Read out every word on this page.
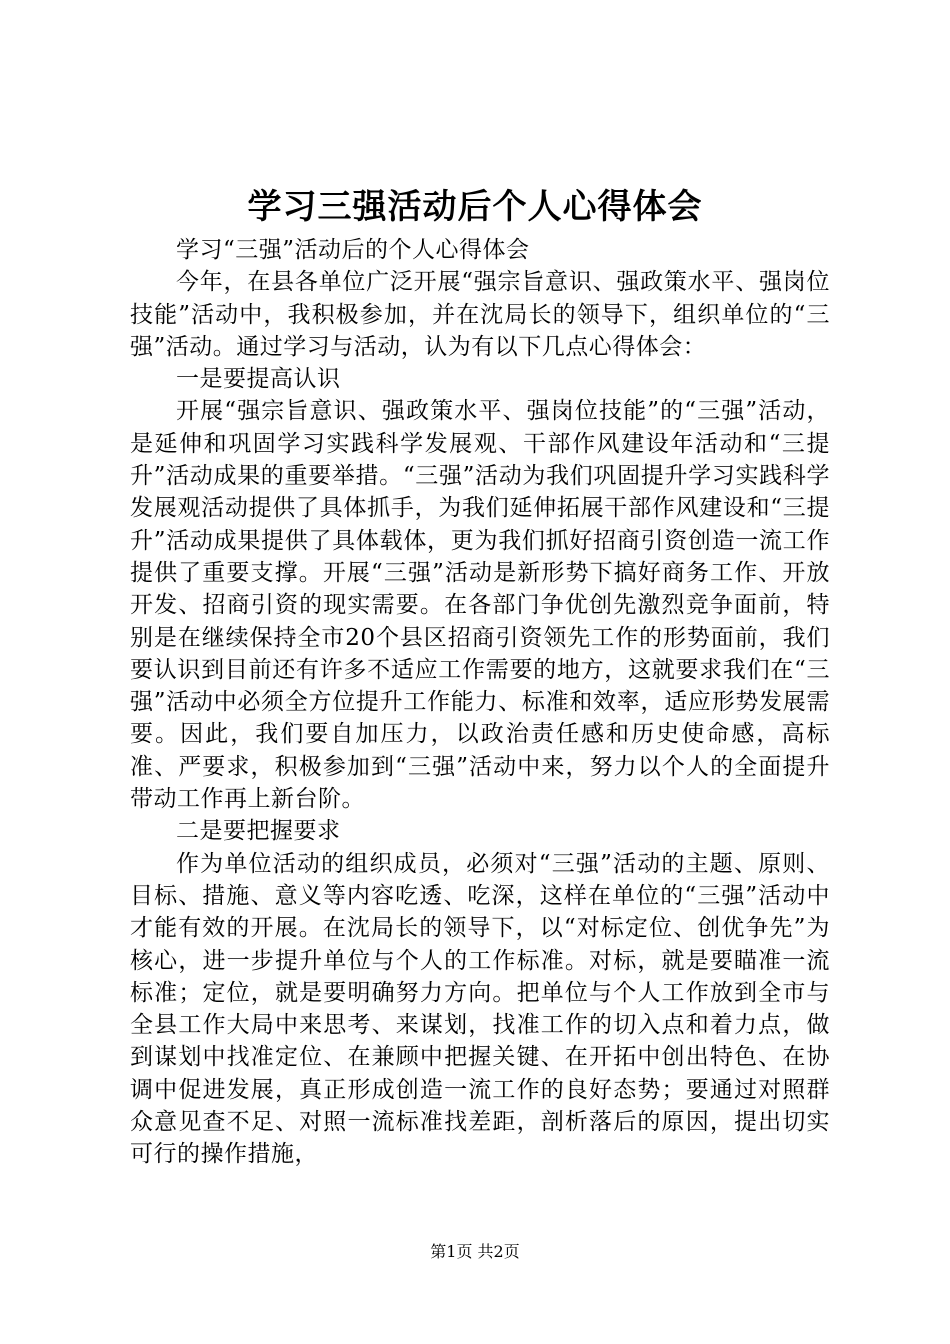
学习三强活动后个人心得体会

学习“三强”活动后的个人心得体会

今年，在县各单位广泛开展“强宗旨意识、强政策水平、强岗位技能”活动中，我积极参加，并在沈局长的领导下，组织单位的“三强”活动。通过学习与活动，认为有以下几点心得体会：

一是要提高认识

开展“强宗旨意识、强政策水平、强岗位技能”的“三强”活动，是延伸和巩固学习实践科学发展观、干部作风建设年活动和“三提升”活动成果的重要举措。“三强”活动为我们巩固提升学习实践科学发展观活动提供了具体抓手，为我们延伸拓展干部作风建设和“三提升”活动成果提供了具体载体，更为我们抓好招商引资创造一流工作提供了重要支撑。开展“三强”活动是新形势下搞好商务工作、开放开发、招商引资的现实需要。在各部门争优创先激烈竞争面前，特别是在继续保持全市20个县区招商引资领先工作的形势面前，我们要认识到目前还有许多不适应工作需要的地方，这就要求我们在“三强”活动中必须全方位提升工作能力、标准和效率，适应形势发展需要。因此，我们要自加压力，以政治责任感和历史使命感，高标准、严要求，积极参加到“三强”活动中来，努力以个人的全面提升带动工作再上新台阶。

二是要把握要求

作为单位活动的组织成员，必须对“三强”活动的主题、原则、目标、措施、意义等内容吃透、吃深，这样在单位的“三强”活动中才能有效的开展。在沈局长的领导下，以“对标定位、创优争先”为核心，进一步提升单位与个人的工作标准。对标，就是要瞄准一流标准；定位，就是要明确努力方向。把单位与个人工作放到全市与全县工作大局中来思考、来谋划，找准工作的切入点和着力点，做到谋划中找准定位、在兼顾中把握关键、在开拓中创出特色、在协调中促进发展，真正形成创造一流工作的良好态势；要通过对照群众意见查不足、对照一流标准找差距，剖析落后的原因，提出切实可行的操作措施，

第1页 共2页
